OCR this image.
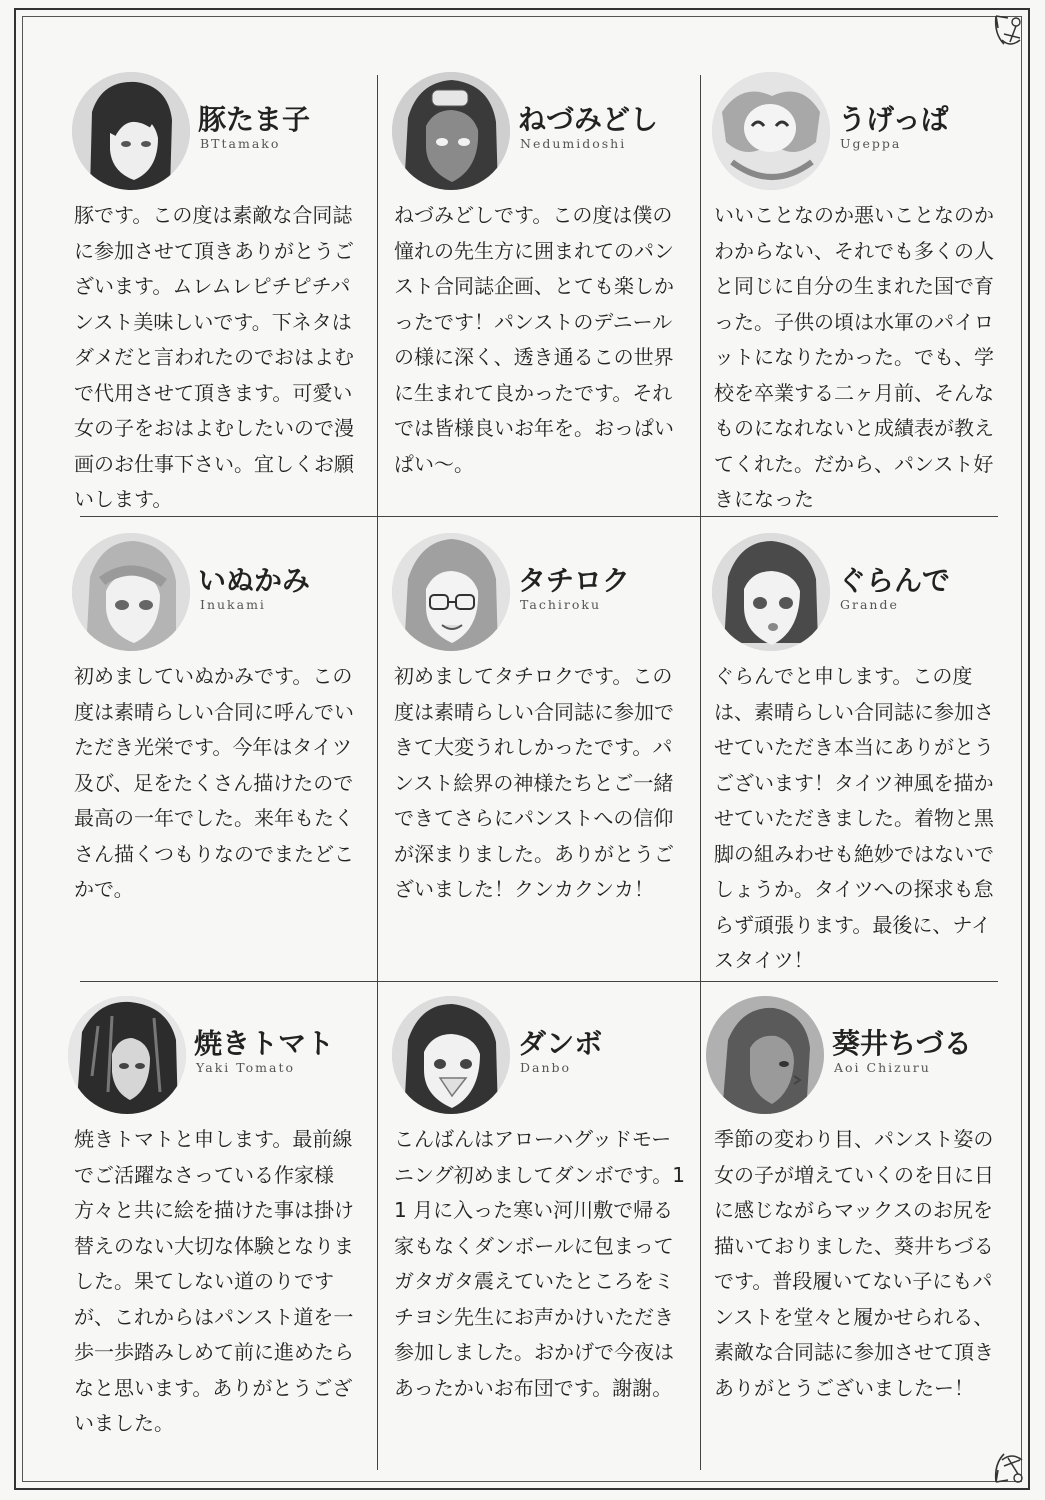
豚たま子
BTtamako

豚です。この度は素敵な合同誌に参加させて頂きありがとうございます。ムレムレピチピチパンスト美味しいです。下ネタはダメだと言われたのでおはよむで代用させて頂きます。可愛い女の子をおはよむしたいので漫画のお仕事下さい。宜しくお願いします。

ねづみどし
Nedumidoshi

ねづみどしです。この度は僕の憧れの先生方に囲まれてのパンスト合同誌企画、とても楽しかったです！パンストのデニールの様に深く、透き通るこの世界に生まれて良かったです。それでは皆様良いお年を。おっぱいぱい〜。

うげっぱ
Ugeppa

いいことなのか悪いことなのかわからない、それでも多くの人と同じに自分の生まれた国で育った。子供の頃は水軍のパイロットになりたかった。でも、学校を卒業する二ヶ月前、そんなものになれないと成績表が教えてくれた。だから、パンスト好きになった

いぬかみ
Inukami

初めましていぬかみです。この度は素晴らしい合同に呼んでいただき光栄です。今年はタイツ及び、足をたくさん描けたので最高の一年でした。来年もたくさん描くつもりなのでまたどこかで。

タチロク
Tachiroku

初めましてタチロクです。この度は素晴らしい合同誌に参加できて大変うれしかったです。パンスト絵界の神様たちとご一緒できてさらにパンストへの信仰が深まりました。ありがとうございました！クンカクンカ！

ぐらんで
Grande

ぐらんでと申します。この度は、素晴らしい合同誌に参加させていただき本当にありがとうございます！タイツ神風を描かせていただきました。着物と黒脚の組みわせも絶妙ではないでしょうか。タイツへの探求も怠らず頑張ります。最後に、ナイスタイツ！

焼きトマト
Yaki Tomato

焼きトマトと申します。最前線でご活躍なさっている作家様方々と共に絵を描けた事は掛け替えのない大切な体験となりました。果てしない道のりですが、これからはパンスト道を一歩一歩踏みしめて前に進めたらなと思います。ありがとうございました。

ダンボ
Danbo

こんばんはアローハグッドモーニング初めましてダンボです。11 月に入った寒い河川敷で帰る家もなくダンボールに包まってガタガタ震えていたところをミチヨシ先生にお声かけいただき参加しました。おかげで今夜はあったかいお布団です。謝謝。

葵井ちづる
Aoi Chizuru

季節の変わり目、パンスト姿の女の子が増えていくのを日に日に感じながらマックスのお尻を描いておりました、葵井ちづるです。普段履いてない子にもパンストを堂々と履かせられる、素敵な合同誌に参加させて頂きありがとうございましたー！
